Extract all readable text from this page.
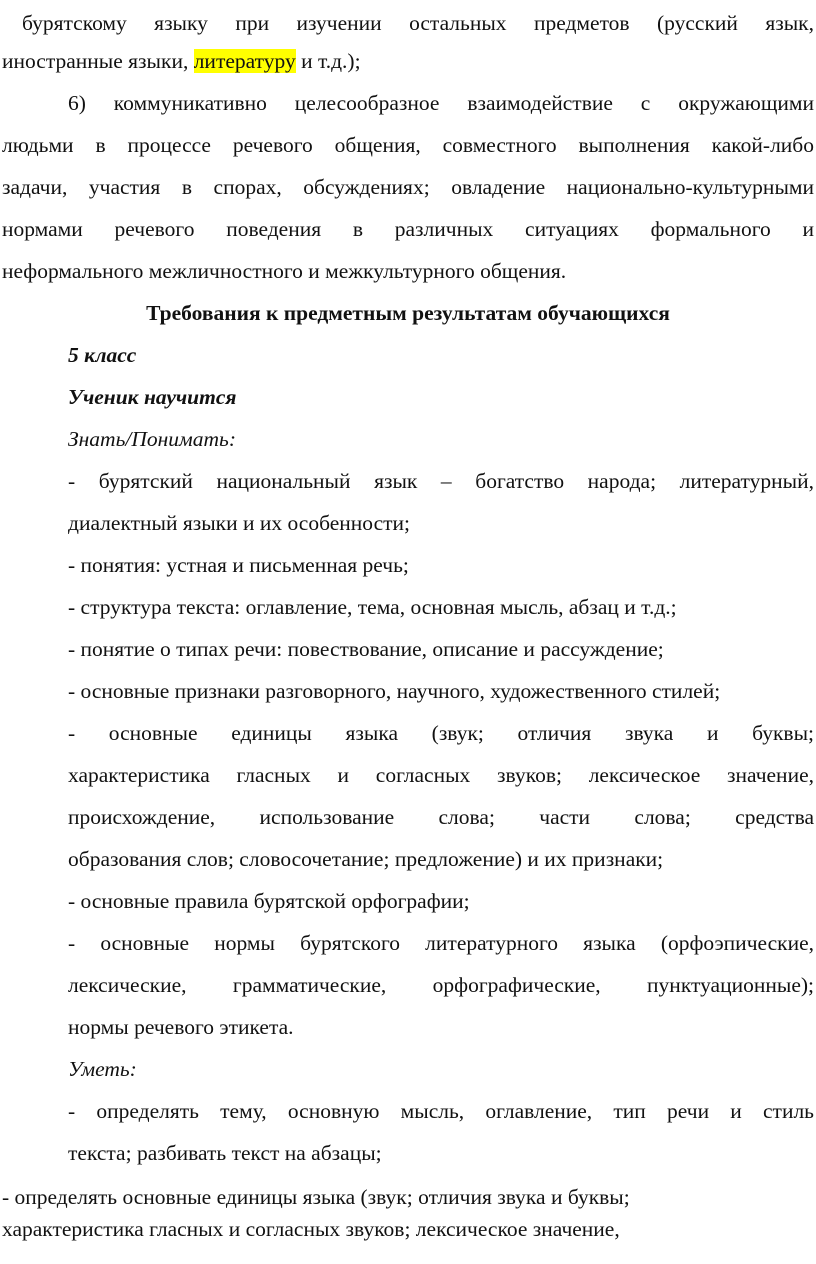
бурятскому языку при изучении остальных предметов (русский язык,
иностранные языки, литературу и т.д.);
6) коммуникативно целесообразное взаимодействие с окружающими
людьми в процессе речевого общения, совместного выполнения какой-либо
задачи, участия в спорах, обсуждениях; овладение национально-культурными
нормами речевого поведения в различных ситуациях формального и
неформального межличностного и межкультурного общения.
Требования к предметным результатам обучающихся
5 класс
Ученик научится
Знать/Понимать:
- бурятский национальный язык – богатство народа; литературный,
диалектный языки и их особенности;
- понятия: устная и письменная речь;
- структура текста: оглавление, тема, основная мысль, абзац и т.д.;
- понятие о типах речи: повествование, описание и рассуждение;
- основные признаки разговорного, научного, художественного стилей;
- основные единицы языка (звук; отличия звука и буквы;
характеристика гласных и согласных звуков; лексическое значение,
происхождение, использование слова; части слова; средства
образования слов; словосочетание; предложение) и их признаки;
- основные правила бурятской орфографии;
- основные нормы бурятского литературного языка (орфоэпические,
лексические, грамматические, орфографические, пунктуационные);
нормы речевого этикета.
Уметь:
- определять тему, основную мысль, оглавление, тип речи и стиль
текста; разбивать текст на абзацы;
- определять основные единицы языка (звук; отличия звука и буквы;
характеристика гласных и согласных звуков; лексическое значение,
